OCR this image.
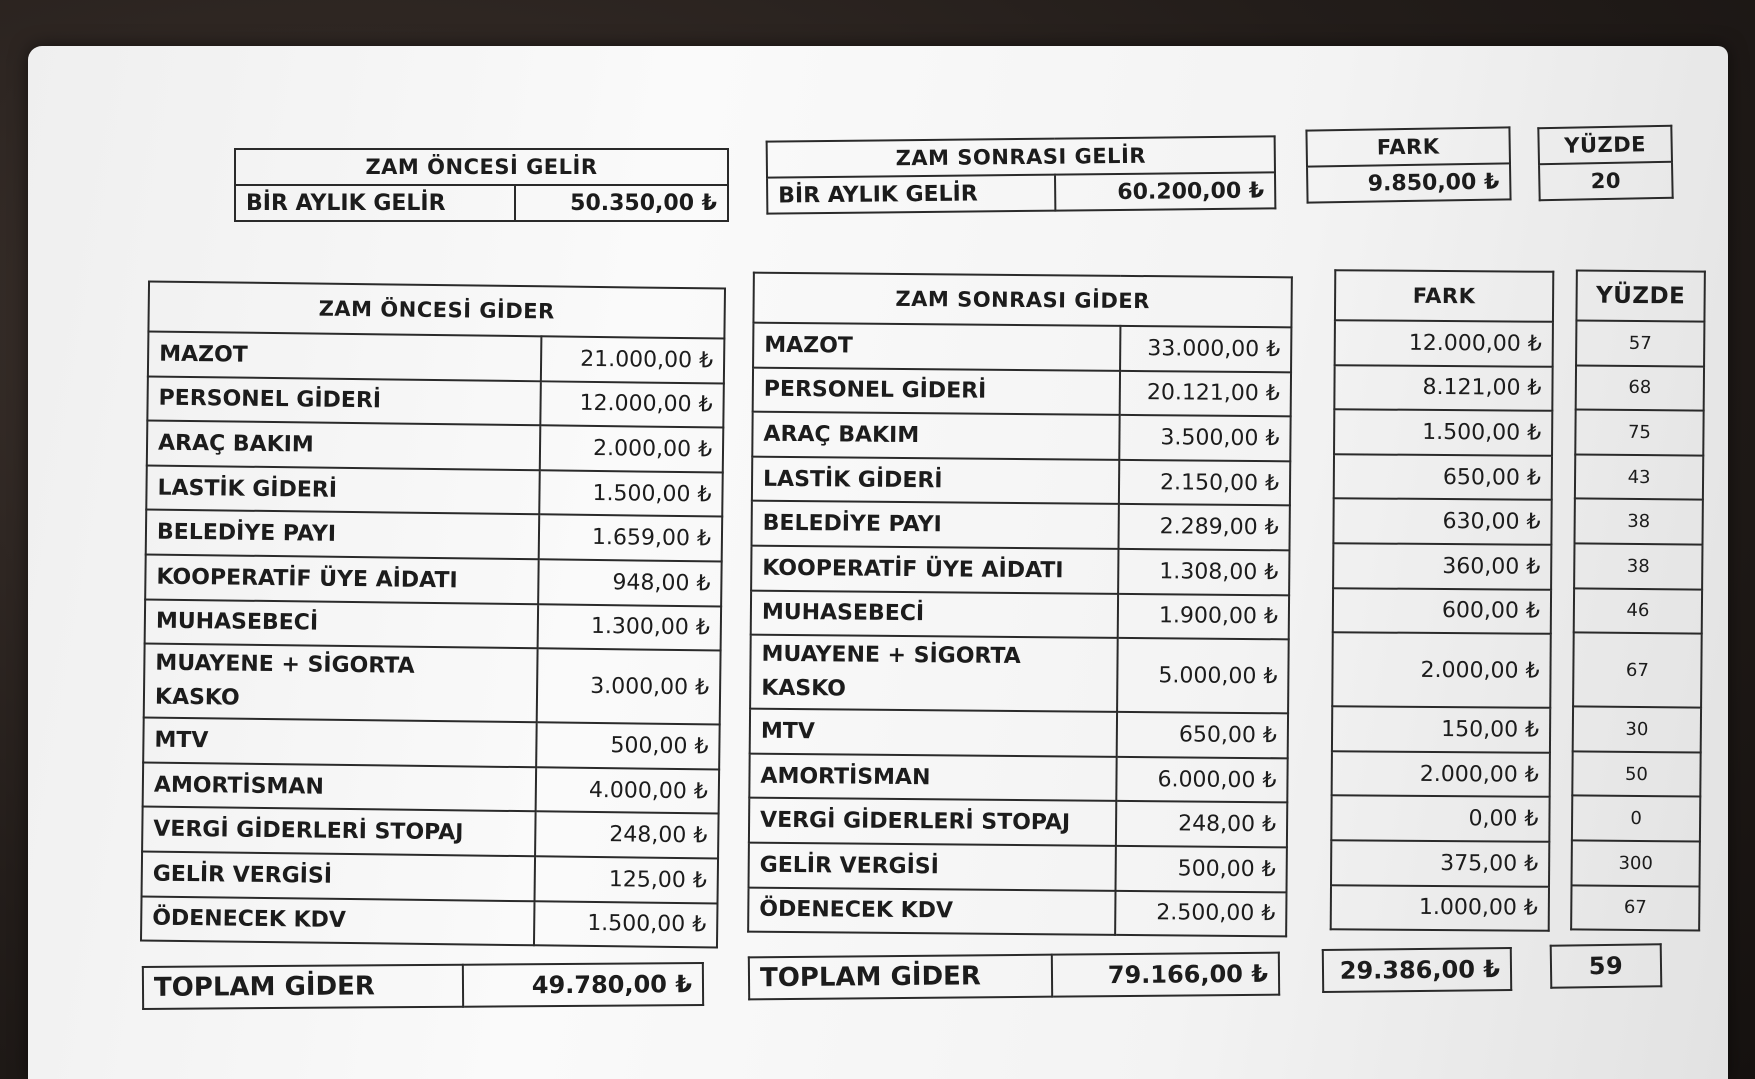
ZAM ÖNCESİ GELİR
BİR AYLIK GELİR	50.350,00 ₺
ZAM SONRASI GELİR
BİR AYLIK GELİR	60.200,00 ₺
FARK
9.850,00 ₺
YÜZDE
20
ZAM ÖNCESİ GİDER	
MAZOT	21.000,00 ₺
PERSONEL GİDERİ	12.000,00 ₺
ARAÇ BAKIM	2.000,00 ₺
LASTİK GİDERİ	1.500,00 ₺
BELEDİYE PAYI	1.659,00 ₺
KOOPERATİF ÜYE AİDATI	948,00 ₺
MUHASEBECİ	1.300,00 ₺
MUAYENE + SİGORTA
KASKO	3.000,00 ₺
MTV	500,00 ₺
AMORTİSMAN	4.000,00 ₺
VERGİ GİDERLERİ STOPAJ	248,00 ₺
GELİR VERGİSİ	125,00 ₺
ÖDENECEK KDV	1.500,00 ₺
ZAM SONRASI GİDER	
MAZOT	33.000,00 ₺
PERSONEL GİDERİ	20.121,00 ₺
ARAÇ BAKIM	3.500,00 ₺
LASTİK GİDERİ	2.150,00 ₺
BELEDİYE PAYI	2.289,00 ₺
KOOPERATİF ÜYE AİDATI	1.308,00 ₺
MUHASEBECİ	1.900,00 ₺
MUAYENE + SİGORTA
KASKO	5.000,00 ₺
MTV	650,00 ₺
AMORTİSMAN	6.000,00 ₺
VERGİ GİDERLERİ STOPAJ	248,00 ₺
GELİR VERGİSİ	500,00 ₺
ÖDENECEK KDV	2.500,00 ₺
FARK
12.000,00 ₺
8.121,00 ₺
1.500,00 ₺
650,00 ₺
630,00 ₺
360,00 ₺
600,00 ₺
2.000,00 ₺
150,00 ₺
2.000,00 ₺
0,00 ₺
375,00 ₺
1.000,00 ₺
YÜZDE
57
68
75
43
38
38
46
67
30
50
0
300
67
TOPLAM GİDER	49.780,00 ₺	TOPLAM GİDER	79.166,00 ₺	29.386,00 ₺	59
